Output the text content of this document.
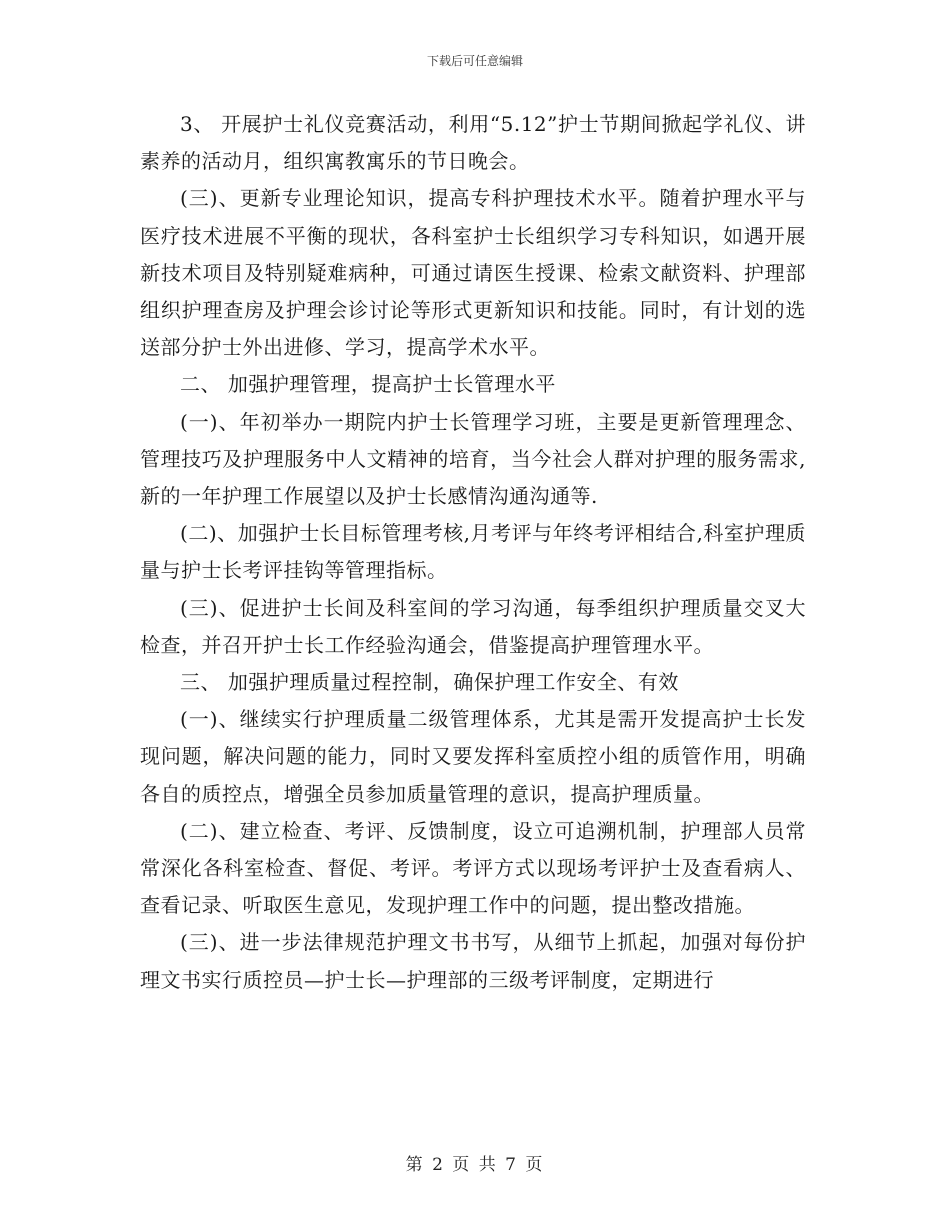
下载后可任意编辑

3、 开展护士礼仪竞赛活动，利用“5.12”护士节期间掀起学礼仪、讲素养的活动月，组织寓教寓乐的节日晚会。

(三)、更新专业理论知识，提高专科护理技术水平。随着护理水平与医疗技术进展不平衡的现状，各科室护士长组织学习专科知识，如遇开展新技术项目及特别疑难病种，可通过请医生授课、检索文献资料、护理部组织护理查房及护理会诊讨论等形式更新知识和技能。同时，有计划的选送部分护士外出进修、学习，提高学术水平。

二、 加强护理管理，提高护士长管理水平

(一)、年初举办一期院内护士长管理学习班，主要是更新管理理念、管理技巧及护理服务中人文精神的培育，当今社会人群对护理的服务需求,新的一年护理工作展望以及护士长感情沟通沟通等.

(二)、加强护士长目标管理考核,月考评与年终考评相结合,科室护理质量与护士长考评挂钩等管理指标。

(三)、促进护士长间及科室间的学习沟通，每季组织护理质量交叉大检查，并召开护士长工作经验沟通会，借鉴提高护理管理水平。

三、 加强护理质量过程控制，确保护理工作安全、有效

(一)、继续实行护理质量二级管理体系，尤其是需开发提高护士长发现问题，解决问题的能力，同时又要发挥科室质控小组的质管作用，明确各自的质控点，增强全员参加质量管理的意识，提高护理质量。

(二)、建立检查、考评、反馈制度，设立可追溯机制，护理部人员常常深化各科室检查、督促、考评。考评方式以现场考评护士及查看病人、查看记录、听取医生意见，发现护理工作中的问题，提出整改措施。

(三)、进一步法律规范护理文书书写，从细节上抓起，加强对每份护理文书实行质控员—护士长—护理部的三级考评制度，定期进行

第 2 页 共 7 页
